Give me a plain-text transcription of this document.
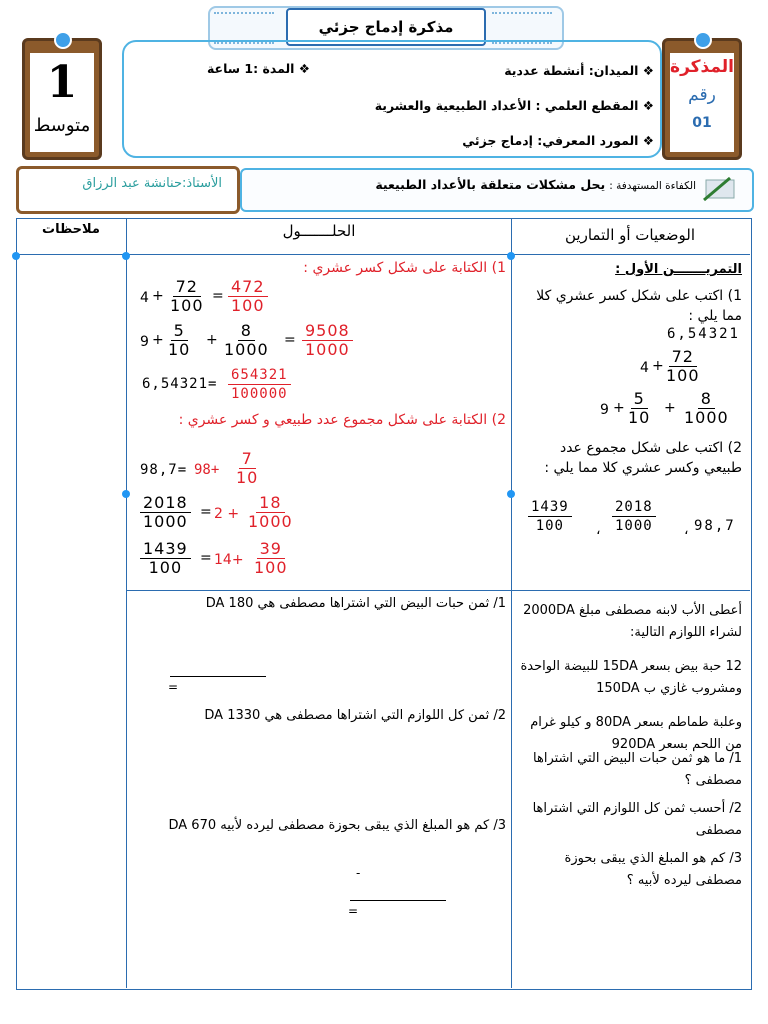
مذكرة إدماج جزئي
1
متوسط
المذكرة
رقم
01
❖ الميدان: أنشطة عددية
❖ المدة :1 ساعة
❖ المقطع العلمي : الأعداد الطبيعية والعشرية
❖ المورد المعرفي: إدماج جزئي
الأستاذ:حنانشة عبد الرزاق	الكفاءة المستهدفة : يحل مشكلات متعلقة بالأعداد الطبيعية
الوضعيات أو التمارين
الحلـــــــول
ملاحظات
التمريـــــــن الأول :
1) اكتب على شكل كسر عشري كلا مما يلي :
6,54321
$4 + \frac{72}{100}$
$9 + \frac{5}{10} + \frac{8}{1000}$
2) اكتب على شكل مجموع عدد طبيعي وكسر عشري كلا مما يلي :
$\frac{1439}{100}$ ، $\frac{2018}{1000}$ ، 98,7
1) الكتابة على شكل كسر عشري :
$4 + \frac{72}{100} = \frac{472}{100}$
$9 + \frac{5}{10} + \frac{8}{1000} = \frac{9508}{1000}$
$6,54321= \frac{654321}{100000}$
2) الكتابة على شكل مجموع عدد طبيعي و كسر عشري :
$98,7= 98+ \frac{7}{10}$
$\frac{2018}{1000} = 2 + \frac{18}{1000}$
$\frac{1439}{100} = 14+ \frac{39}{100}$
أعطى الأب لابنه مصطفى مبلغ 2000DA لشراء اللوازم التالية:
12 حبة بيض بسعر 15DA للبيضة الواحدة ومشروب غازي ب 150DA
وعلبة طماطم بسعر 80DA و كيلو غرام من اللحم بسعر 920DA
1/ ما هو ثمن حبات البيض التي اشتراها مصطفى ؟
2/ أحسب ثمن كل اللوازم التي اشتراها مصطفى
3/ كم هو المبلغ الذي يبقى بحوزة مصطفى ليرده لأبيه ؟
1/ ثمن حبات البيض التي اشتراها مصطفى هي 180 DA
=
2/ ثمن كل اللوازم التي اشتراها مصطفى هي 1330 DA
3/ كم هو المبلغ الذي يبقى بحوزة مصطفى ليرده لأبيه 670 DA
-
=
